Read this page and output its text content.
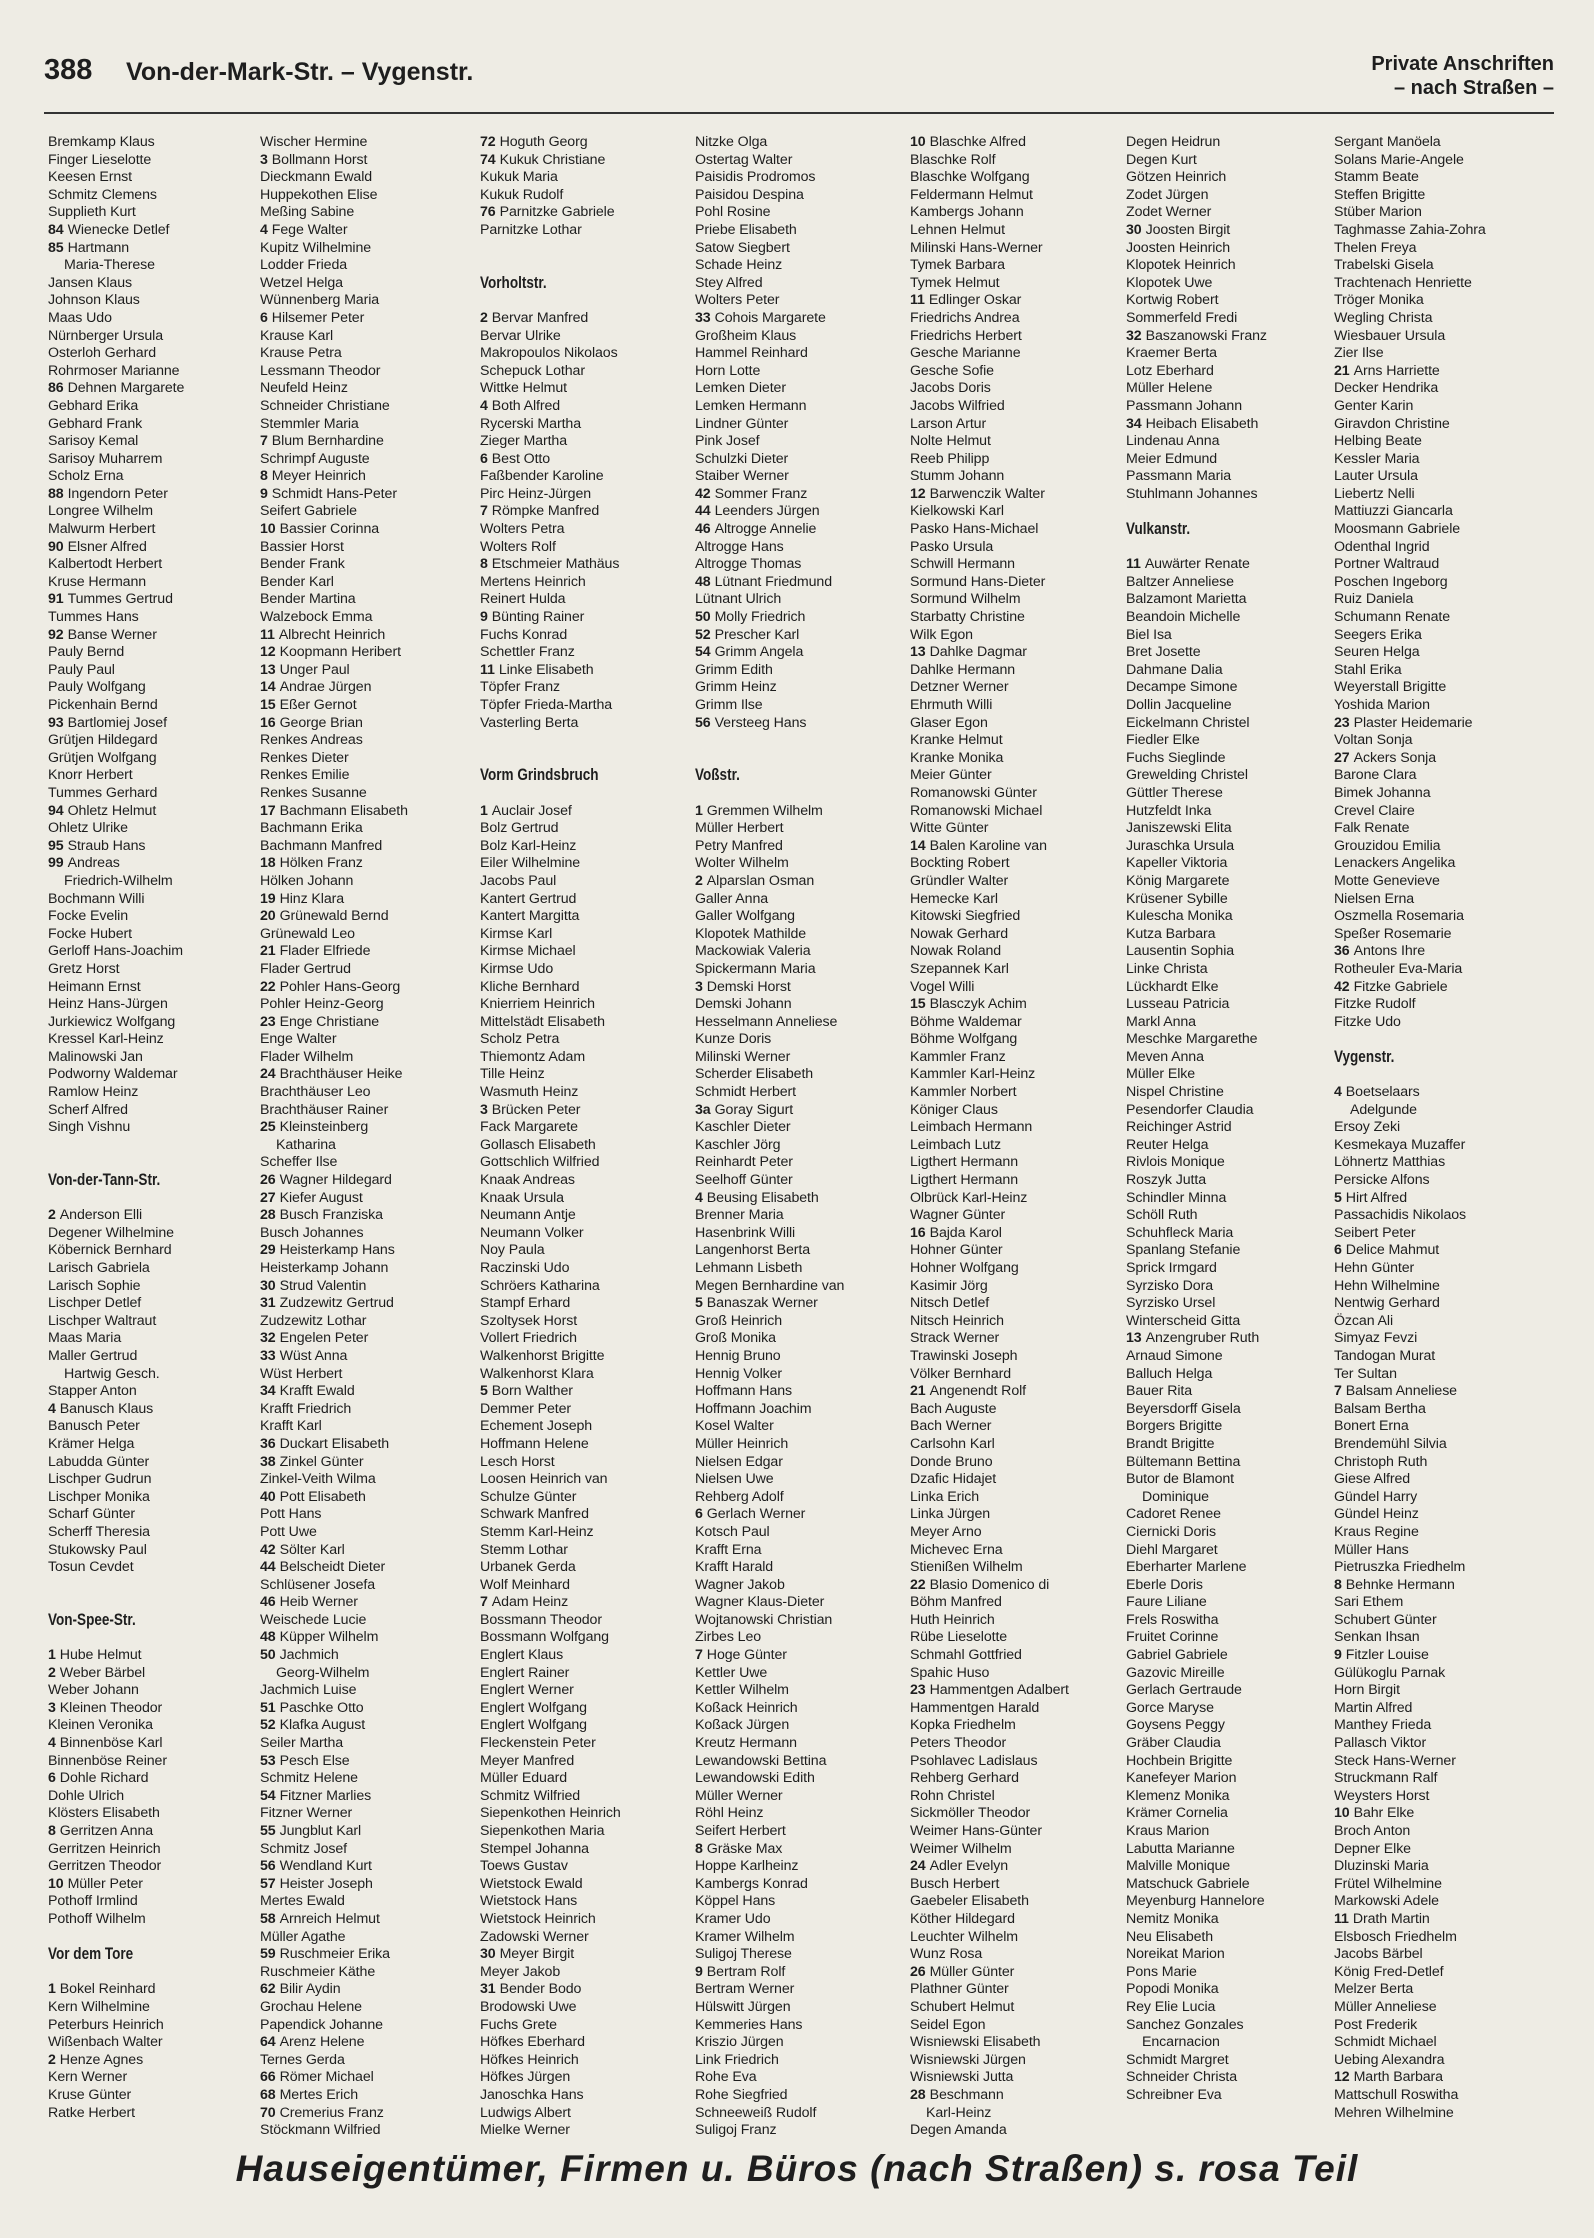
388 Von-der-Mark-Str. – Vygenstr.	Private Anschriften
– nach Straßen –
Bremkamp Klaus
Finger Lieselotte
Keesen Ernst
Schmitz Clemens
Supplieth Kurt
84 Wienecke Detlef
85 Hartmann
Maria-Therese
Jansen Klaus
Johnson Klaus
Maas Udo
Nürnberger Ursula
Osterloh Gerhard
Rohrmoser Marianne
86 Dehnen Margarete
Gebhard Erika
Gebhard Frank
Sarisoy Kemal
Sarisoy Muharrem
Scholz Erna
88 Ingendorn Peter
Longree Wilhelm
Malwurm Herbert
90 Elsner Alfred
Kalbertodt Herbert
Kruse Hermann
91 Tummes Gertrud
Tummes Hans
92 Banse Werner
Pauly Bernd
Pauly Paul
Pauly Wolfgang
Pickenhain Bernd
93 Bartlomiej Josef
Grütjen Hildegard
Grütjen Wolfgang
Knorr Herbert
Tummes Gerhard
94 Ohletz Helmut
Ohletz Ulrike
95 Straub Hans
99 Andreas
Friedrich-Wilhelm
Bochmann Willi
Focke Evelin
Focke Hubert
Gerloff Hans-Joachim
Gretz Horst
Heimann Ernst
Heinz Hans-Jürgen
Jurkiewicz Wolfgang
Kressel Karl-Heinz
Malinowski Jan
Podworny Waldemar
Ramlow Heinz
Scherf Alfred
Singh Vishnu
Von-der-Tann-Str.
2 Anderson Elli
Degener Wilhelmine
Köbernick Bernhard
Larisch Gabriela
Larisch Sophie
Lischper Detlef
Lischper Waltraut
Maas Maria
Maller Gertrud
Hartwig Gesch.
Stapper Anton
4 Banusch Klaus
Banusch Peter
Krämer Helga
Labudda Günter
Lischper Gudrun
Lischper Monika
Scharf Günter
Scherff Theresia
Stukowsky Paul
Tosun Cevdet
Von-Spee-Str.
1 Hube Helmut
2 Weber Bärbel
Weber Johann
3 Kleinen Theodor
Kleinen Veronika
4 Binnenböse Karl
Binnenböse Reiner
6 Dohle Richard
Dohle Ulrich
Klösters Elisabeth
8 Gerritzen Anna
Gerritzen Heinrich
Gerritzen Theodor
10 Müller Peter
Pothoff Irmlind
Pothoff Wilhelm
Vor dem Tore
1 Bokel Reinhard
Kern Wilhelmine
Peterburs Heinrich
Wißenbach Walter
2 Henze Agnes
Kern Werner
Kruse Günter
Ratke Herbert
Wischer Hermine
3 Bollmann Horst
Dieckmann Ewald
Huppekothen Elise
Meßing Sabine
4 Fege Walter
Kupitz Wilhelmine
Lodder Frieda
Wetzel Helga
Wünnenberg Maria
6 Hilsemer Peter
Krause Karl
Krause Petra
Lessmann Theodor
Neufeld Heinz
Schneider Christiane
Stemmler Maria
7 Blum Bernhardine
Schrimpf Auguste
8 Meyer Heinrich
9 Schmidt Hans-Peter
Seifert Gabriele
10 Bassier Corinna
Bassier Horst
Bender Frank
Bender Karl
Bender Martina
Walzebock Emma
11 Albrecht Heinrich
12 Koopmann Heribert
13 Unger Paul
14 Andrae Jürgen
15 Eßer Gernot
16 George Brian
Renkes Andreas
Renkes Dieter
Renkes Emilie
Renkes Susanne
17 Bachmann Elisabeth
Bachmann Erika
Bachmann Manfred
18 Hölken Franz
Hölken Johann
19 Hinz Klara
20 Grünewald Bernd
Grünewald Leo
21 Flader Elfriede
Flader Gertrud
22 Pohler Hans-Georg
Pohler Heinz-Georg
23 Enge Christiane
Enge Walter
Flader Wilhelm
24 Brachthäuser Heike
Brachthäuser Leo
Brachthäuser Rainer
25 Kleinsteinberg
Katharina
Scheffer Ilse
26 Wagner Hildegard
27 Kiefer August
28 Busch Franziska
Busch Johannes
29 Heisterkamp Hans
Heisterkamp Johann
30 Strud Valentin
31 Zudzewitz Gertrud
Zudzewitz Lothar
32 Engelen Peter
33 Wüst Anna
Wüst Herbert
34 Krafft Ewald
Krafft Friedrich
Krafft Karl
36 Duckart Elisabeth
38 Zinkel Günter
Zinkel-Veith Wilma
40 Pott Elisabeth
Pott Hans
Pott Uwe
42 Sölter Karl
44 Belscheidt Dieter
Schlüsener Josefa
46 Heib Werner
Weischede Lucie
48 Küpper Wilhelm
50 Jachmich
Georg-Wilhelm
Jachmich Luise
51 Paschke Otto
52 Klafka August
Seiler Martha
53 Pesch Else
Schmitz Helene
54 Fitzner Marlies
Fitzner Werner
55 Jungblut Karl
Schmitz Josef
56 Wendland Kurt
57 Heister Joseph
Mertes Ewald
58 Arnreich Helmut
Müller Agathe
59 Ruschmeier Erika
Ruschmeier Käthe
62 Bilir Aydin
Grochau Helene
Papendick Johanne
64 Arenz Helene
Ternes Gerda
66 Römer Michael
68 Mertes Erich
70 Cremerius Franz
Stöckmann Wilfried
72 Hoguth Georg
74 Kukuk Christiane
Kukuk Maria
Kukuk Rudolf
76 Parnitzke Gabriele
Parnitzke Lothar
Vorholtstr.
2 Bervar Manfred
Bervar Ulrike
Makropoulos Nikolaos
Schepuck Lothar
Wittke Helmut
4 Both Alfred
Rycerski Martha
Zieger Martha
6 Best Otto
Faßbender Karoline
Pirc Heinz-Jürgen
7 Römpke Manfred
Wolters Petra
Wolters Rolf
8 Etschmeier Mathäus
Mertens Heinrich
Reinert Hulda
9 Bünting Rainer
Fuchs Konrad
Schettler Franz
11 Linke Elisabeth
Töpfer Franz
Töpfer Frieda-Martha
Vasterling Berta
Vorm Grindsbruch
1 Auclair Josef
Bolz Gertrud
Bolz Karl-Heinz
Eiler Wilhelmine
Jacobs Paul
Kantert Gertrud
Kantert Margitta
Kirmse Karl
Kirmse Michael
Kirmse Udo
Kliche Bernhard
Knierriem Heinrich
Mittelstädt Elisabeth
Scholz Petra
Thiemontz Adam
Tille Heinz
Wasmuth Heinz
3 Brücken Peter
Fack Margarete
Gollasch Elisabeth
Gottschlich Wilfried
Knaak Andreas
Knaak Ursula
Neumann Antje
Neumann Volker
Noy Paula
Raczinski Udo
Schröers Katharina
Stampf Erhard
Szoltysek Horst
Vollert Friedrich
Walkenhorst Brigitte
Walkenhorst Klara
5 Born Walther
Demmer Peter
Echement Joseph
Hoffmann Helene
Lesch Horst
Loosen Heinrich van
Schulze Günter
Schwark Manfred
Stemm Karl-Heinz
Stemm Lothar
Urbanek Gerda
Wolf Meinhard
7 Adam Heinz
Bossmann Theodor
Bossmann Wolfgang
Englert Klaus
Englert Rainer
Englert Werner
Englert Wolfgang
Englert Wolfgang
Fleckenstein Peter
Meyer Manfred
Müller Eduard
Schmitz Wilfried
Siepenkothen Heinrich
Siepenkothen Maria
Stempel Johanna
Toews Gustav
Wietstock Ewald
Wietstock Hans
Wietstock Heinrich
Zadowski Werner
30 Meyer Birgit
Meyer Jakob
31 Bender Bodo
Brodowski Uwe
Fuchs Grete
Höfkes Eberhard
Höfkes Heinrich
Höfkes Jürgen
Janoschka Hans
Ludwigs Albert
Mielke Werner
Nitzke Olga
Ostertag Walter
Paisidis Prodromos
Paisidou Despina
Pohl Rosine
Priebe Elisabeth
Satow Siegbert
Schade Heinz
Stey Alfred
Wolters Peter
33 Cohois Margarete
Großheim Klaus
Hammel Reinhard
Horn Lotte
Lemken Dieter
Lemken Hermann
Lindner Günter
Pink Josef
Schulzki Dieter
Staiber Werner
42 Sommer Franz
44 Leenders Jürgen
46 Altrogge Annelie
Altrogge Hans
Altrogge Thomas
48 Lütnant Friedmund
Lütnant Ulrich
50 Molly Friedrich
52 Prescher Karl
54 Grimm Angela
Grimm Edith
Grimm Heinz
Grimm Ilse
56 Versteeg Hans
Voßstr.
1 Gremmen Wilhelm
Müller Herbert
Petry Manfred
Wolter Wilhelm
2 Alparslan Osman
Galler Anna
Galler Wolfgang
Klopotek Mathilde
Mackowiak Valeria
Spickermann Maria
3 Demski Horst
Demski Johann
Hesselmann Anneliese
Kunze Doris
Milinski Werner
Scherder Elisabeth
Schmidt Herbert
3a Goray Sigurt
Kaschler Dieter
Kaschler Jörg
Reinhardt Peter
Seelhoff Günter
4 Beusing Elisabeth
Brenner Maria
Hasenbrink Willi
Langenhorst Berta
Lehmann Lisbeth
Megen Bernhardine van
5 Banaszak Werner
Groß Heinrich
Groß Monika
Hennig Bruno
Hennig Volker
Hoffmann Hans
Hoffmann Joachim
Kosel Walter
Müller Heinrich
Nielsen Edgar
Nielsen Uwe
Rehberg Adolf
6 Gerlach Werner
Kotsch Paul
Krafft Erna
Krafft Harald
Wagner Jakob
Wagner Klaus-Dieter
Wojtanowski Christian
Zirbes Leo
7 Hoge Günter
Kettler Uwe
Kettler Wilhelm
Koßack Heinrich
Koßack Jürgen
Kreutz Hermann
Lewandowski Bettina
Lewandowski Edith
Müller Werner
Röhl Heinz
Seifert Herbert
8 Gräske Max
Hoppe Karlheinz
Kambergs Konrad
Köppel Hans
Kramer Udo
Kramer Wilhelm
Suligoj Therese
9 Bertram Rolf
Bertram Werner
Hülswitt Jürgen
Kemmeries Hans
Kriszio Jürgen
Link Friedrich
Rohe Eva
Rohe Siegfried
Schneeweiß Rudolf
Suligoj Franz
10 Blaschke Alfred
Blaschke Rolf
Blaschke Wolfgang
Feldermann Helmut
Kambergs Johann
Lehnen Helmut
Milinski Hans-Werner
Tymek Barbara
Tymek Helmut
11 Edlinger Oskar
Friedrichs Andrea
Friedrichs Herbert
Gesche Marianne
Gesche Sofie
Jacobs Doris
Jacobs Wilfried
Larson Artur
Nolte Helmut
Reeb Philipp
Stumm Johann
12 Barwenczik Walter
Kielkowski Karl
Pasko Hans-Michael
Pasko Ursula
Schwill Hermann
Sormund Hans-Dieter
Sormund Wilhelm
Starbatty Christine
Wilk Egon
13 Dahlke Dagmar
Dahlke Hermann
Detzner Werner
Ehrmuth Willi
Glaser Egon
Kranke Helmut
Kranke Monika
Meier Günter
Romanowski Günter
Romanowski Michael
Witte Günter
14 Balen Karoline van
Bockting Robert
Gründler Walter
Hemecke Karl
Kitowski Siegfried
Nowak Gerhard
Nowak Roland
Szepannek Karl
Vogel Willi
15 Blasczyk Achim
Böhme Waldemar
Böhme Wolfgang
Kammler Franz
Kammler Karl-Heinz
Kammler Norbert
Königer Claus
Leimbach Hermann
Leimbach Lutz
Ligthert Hermann
Ligthert Hermann
Olbrück Karl-Heinz
Wagner Günter
16 Bajda Karol
Hohner Günter
Hohner Wolfgang
Kasimir Jörg
Nitsch Detlef
Nitsch Heinrich
Strack Werner
Trawinski Joseph
Völker Bernhard
21 Angenendt Rolf
Bach Auguste
Bach Werner
Carlsohn Karl
Donde Bruno
Dzafic Hidajet
Linka Erich
Linka Jürgen
Meyer Arno
Michevec Erna
Stienißen Wilhelm
22 Blasio Domenico di
Böhm Manfred
Huth Heinrich
Rübe Lieselotte
Schmahl Gottfried
Spahic Huso
23 Hammentgen Adalbert
Hammentgen Harald
Kopka Friedhelm
Peters Theodor
Psohlavec Ladislaus
Rehberg Gerhard
Rohn Christel
Sickmöller Theodor
Weimer Hans-Günter
Weimer Wilhelm
24 Adler Evelyn
Busch Herbert
Gaebeler Elisabeth
Köther Hildegard
Leuchter Wilhelm
Wunz Rosa
26 Müller Günter
Plathner Günter
Schubert Helmut
Seidel Egon
Wisniewski Elisabeth
Wisniewski Jürgen
Wisniewski Jutta
28 Beschmann
Karl-Heinz
Degen Amanda
Degen Heidrun
Degen Kurt
Götzen Heinrich
Zodet Jürgen
Zodet Werner
30 Joosten Birgit
Joosten Heinrich
Klopotek Heinrich
Klopotek Uwe
Kortwig Robert
Sommerfeld Fredi
32 Baszanowski Franz
Kraemer Berta
Lotz Eberhard
Müller Helene
Passmann Johann
34 Heibach Elisabeth
Lindenau Anna
Meier Edmund
Passmann Maria
Stuhlmann Johannes
Vulkanstr.
11 Auwärter Renate
Baltzer Anneliese
Balzamont Marietta
Beandoin Michelle
Biel Isa
Bret Josette
Dahmane Dalia
Decampe Simone
Dollin Jacqueline
Eickelmann Christel
Fiedler Elke
Fuchs Sieglinde
Grewelding Christel
Güttler Therese
Hutzfeldt Inka
Janiszewski Elita
Juraschka Ursula
Kapeller Viktoria
König Margarete
Krüsener Sybille
Kulescha Monika
Kutza Barbara
Lausentin Sophia
Linke Christa
Lückhardt Elke
Lusseau Patricia
Markl Anna
Meschke Margarethe
Meven Anna
Müller Elke
Nispel Christine
Pesendorfer Claudia
Reichinger Astrid
Reuter Helga
Rivlois Monique
Roszyk Jutta
Schindler Minna
Schöll Ruth
Schuhfleck Maria
Spanlang Stefanie
Sprick Irmgard
Syrzisko Dora
Syrzisko Ursel
Winterscheid Gitta
13 Anzengruber Ruth
Arnaud Simone
Balluch Helga
Bauer Rita
Beyersdorff Gisela
Borgers Brigitte
Brandt Brigitte
Bültemann Bettina
Butor de Blamont
Dominique
Cadoret Renee
Ciernicki Doris
Diehl Margaret
Eberharter Marlene
Eberle Doris
Faure Liliane
Frels Roswitha
Fruitet Corinne
Gabriel Gabriele
Gazovic Mireille
Gerlach Gertraude
Gorce Maryse
Goysens Peggy
Gräber Claudia
Hochbein Brigitte
Kanefeyer Marion
Klemenz Monika
Krämer Cornelia
Kraus Marion
Labutta Marianne
Malville Monique
Matschuck Gabriele
Meyenburg Hannelore
Nemitz Monika
Neu Elisabeth
Noreikat Marion
Pons Marie
Popodi Monika
Rey Elie Lucia
Sanchez Gonzales
Encarnacion
Schmidt Margret
Schneider Christa
Schreibner Eva
Sergant Manöela
Solans Marie-Angele
Stamm Beate
Steffen Brigitte
Stüber Marion
Taghmasse Zahia-Zohra
Thelen Freya
Trabelski Gisela
Trachtenach Henriette
Tröger Monika
Wegling Christa
Wiesbauer Ursula
Zier Ilse
21 Arns Harriette
Decker Hendrika
Genter Karin
Giravdon Christine
Helbing Beate
Kessler Maria
Lauter Ursula
Liebertz Nelli
Mattiuzzi Giancarla
Moosmann Gabriele
Odenthal Ingrid
Portner Waltraud
Poschen Ingeborg
Ruiz Daniela
Schumann Renate
Seegers Erika
Seuren Helga
Stahl Erika
Weyerstall Brigitte
Yoshida Marion
23 Plaster Heidemarie
Voltan Sonja
27 Ackers Sonja
Barone Clara
Bimek Johanna
Crevel Claire
Falk Renate
Grouzidou Emilia
Lenackers Angelika
Motte Genevieve
Nielsen Erna
Oszmella Rosemaria
Speßer Rosemarie
36 Antons Ihre
Rotheuler Eva-Maria
42 Fitzke Gabriele
Fitzke Rudolf
Fitzke Udo
Vygenstr.
4 Boetselaars
Adelgunde
Ersoy Zeki
Kesmekaya Muzaffer
Löhnertz Matthias
Persicke Alfons
5 Hirt Alfred
Passachidis Nikolaos
Seibert Peter
6 Delice Mahmut
Hehn Günter
Hehn Wilhelmine
Nentwig Gerhard
Özcan Ali
Simyaz Fevzi
Tandogan Murat
Ter Sultan
7 Balsam Anneliese
Balsam Bertha
Bonert Erna
Brendemühl Silvia
Christoph Ruth
Giese Alfred
Gündel Harry
Gündel Heinz
Kraus Regine
Müller Hans
Pietruszka Friedhelm
8 Behnke Hermann
Sari Ethem
Schubert Günter
Senkan Ihsan
9 Fitzler Louise
Gülükoglu Parnak
Horn Birgit
Martin Alfred
Manthey Frieda
Pallasch Viktor
Steck Hans-Werner
Struckmann Ralf
Weysters Horst
10 Bahr Elke
Broch Anton
Depner Elke
Dluzinski Maria
Frütel Wilhelmine
Markowski Adele
11 Drath Martin
Elsbosch Friedhelm
Jacobs Bärbel
König Fred-Detlef
Melzer Berta
Müller Anneliese
Post Frederik
Schmidt Michael
Uebing Alexandra
12 Marth Barbara
Mattschull Roswitha
Mehren Wilhelmine
Hauseigentümer, Firmen u. Büros (nach Straßen) s. rosa Teil
